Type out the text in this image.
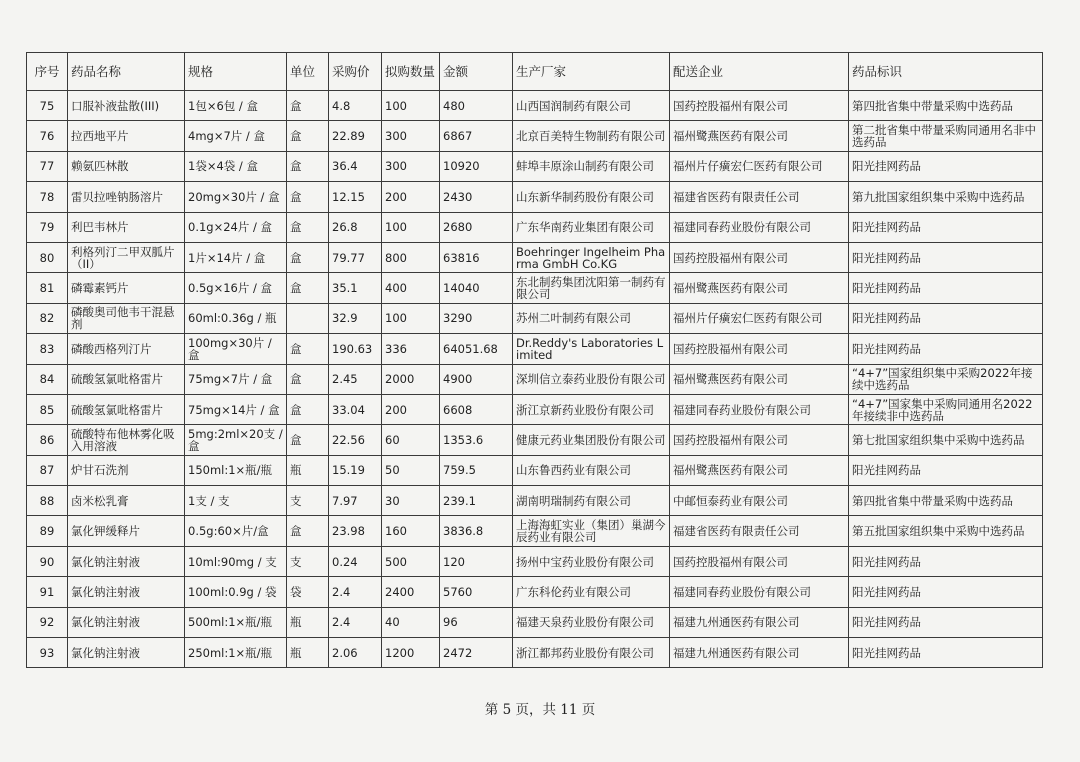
序号	药品名称	规格	单位	采购价	拟购数量	金额	生产厂家	配送企业	药品标识
75	口服补液盐散(III)	1包×6包 / 盒	盒	4.8	100	480	山西国润制药有限公司	国药控股福州有限公司	第四批省集中带量采购中选药品
76	拉西地平片	4mg×7片 / 盒	盒	22.89	300	6867	北京百美特生物制药有限公司	福州鹭燕医药有限公司	第二批省集中带量采购同通用名非中选药品
77	赖氨匹林散	1袋×4袋 / 盒	盒	36.4	300	10920	蚌埠丰原涂山制药有限公司	福州片仔癀宏仁医药有限公司	阳光挂网药品
78	雷贝拉唑钠肠溶片	20mg×30片 / 盒	盒	12.15	200	2430	山东新华制药股份有限公司	福建省医药有限责任公司	第九批国家组织集中采购中选药品
79	利巴韦林片	0.1g×24片 / 盒	盒	26.8	100	2680	广东华南药业集团有限公司	福建同春药业股份有限公司	阳光挂网药品
80	利格列汀二甲双胍片（II）	1片×14片 / 盒	盒	79.77	800	63816	Boehringer Ingelheim Pharma GmbH Co.KG	国药控股福州有限公司	阳光挂网药品
81	磷霉素钙片	0.5g×16片 / 盒	盒	35.1	400	14040	东北制药集团沈阳第一制药有限公司	福州鹭燕医药有限公司	阳光挂网药品
82	磷酸奥司他韦干混悬剂	60ml:0.36g / 瓶		32.9	100	3290	苏州二叶制药有限公司	福州片仔癀宏仁医药有限公司	阳光挂网药品
83	磷酸西格列汀片	100mg×30片 / 盒	盒	190.63	336	64051.68	Dr.Reddy's Laboratories Limited	国药控股福州有限公司	阳光挂网药品
84	硫酸氢氯吡格雷片	75mg×7片 / 盒	盒	2.45	2000	4900	深圳信立泰药业股份有限公司	福州鹭燕医药有限公司	“4+7”国家组织集中采购2022年接续中选药品
85	硫酸氢氯吡格雷片	75mg×14片 / 盒	盒	33.04	200	6608	浙江京新药业股份有限公司	福建同春药业股份有限公司	“4+7”国家集中采购同通用名2022年接续非中选药品
86	硫酸特布他林雾化吸入用溶液	5mg:2ml×20支 / 盒	盒	22.56	60	1353.6	健康元药业集团股份有限公司	国药控股福州有限公司	第七批国家组织集中采购中选药品
87	炉甘石洗剂	150ml:1×瓶/瓶	瓶	15.19	50	759.5	山东鲁西药业有限公司	福州鹭燕医药有限公司	阳光挂网药品
88	卤米松乳膏	1支 / 支	支	7.97	30	239.1	湖南明瑞制药有限公司	中邮恒泰药业有限公司	第四批省集中带量采购中选药品
89	氯化钾缓释片	0.5g:60×片/盒	盒	23.98	160	3836.8	上海海虹实业（集团）巢湖今辰药业有限公司	福建省医药有限责任公司	第五批国家组织集中采购中选药品
90	氯化钠注射液	10ml:90mg / 支	支	0.24	500	120	扬州中宝药业股份有限公司	国药控股福州有限公司	阳光挂网药品
91	氯化钠注射液	100ml:0.9g / 袋	袋	2.4	2400	5760	广东科伦药业有限公司	福建同春药业股份有限公司	阳光挂网药品
92	氯化钠注射液	500ml:1×瓶/瓶	瓶	2.4	40	96	福建天泉药业股份有限公司	福建九州通医药有限公司	阳光挂网药品
93	氯化钠注射液	250ml:1×瓶/瓶	瓶	2.06	1200	2472	浙江都邦药业股份有限公司	福建九州通医药有限公司	阳光挂网药品
第 5 页，共 11 页
